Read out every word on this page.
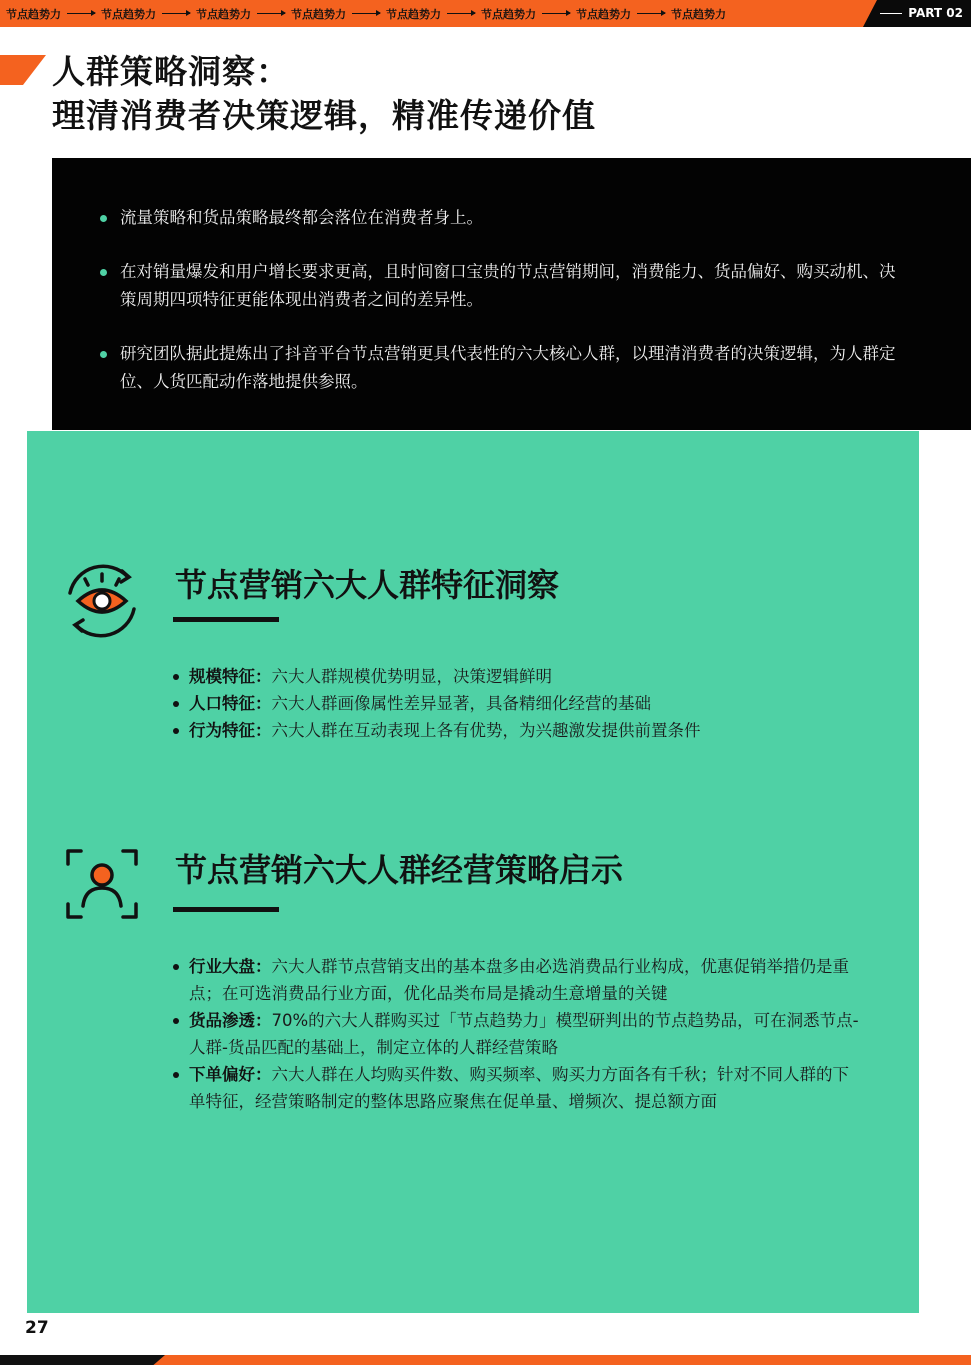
节点趋势力	节点趋势力	节点趋势力	节点趋势力	节点趋势力	节点趋势力	节点趋势力	节点趋势力	PART 02
人群策略洞察：
理清消费者决策逻辑，精准传递价值
流量策略和货品策略最终都会落位在消费者身上。
在对销量爆发和用户增长要求更高，且时间窗口宝贵的节点营销期间，消费能力、货品偏好、购买动机、决策周期四项特征更能体现出消费者之间的差异性。
研究团队据此提炼出了抖音平台节点营销更具代表性的六大核心人群，以理清消费者的决策逻辑，为人群定位、人货匹配动作落地提供参照。
节点营销六大人群特征洞察
规模特征：六大人群规模优势明显，决策逻辑鲜明
人口特征：六大人群画像属性差异显著，具备精细化经营的基础
行为特征：六大人群在互动表现上各有优势，为兴趣激发提供前置条件
节点营销六大人群经营策略启示
行业大盘：六大人群节点营销支出的基本盘多由必选消费品行业构成，优惠促销举措仍是重点；在可选消费品行业方面，优化品类布局是撬动生意增量的关键
货品渗透：70%的六大人群购买过「节点趋势力」模型研判出的节点趋势品，可在洞悉节点-人群-货品匹配的基础上，制定立体的人群经营策略
下单偏好：六大人群在人均购买件数、购买频率、购买力方面各有千秋；针对不同人群的下单特征，经营策略制定的整体思路应聚焦在促单量、增频次、提总额方面
27
